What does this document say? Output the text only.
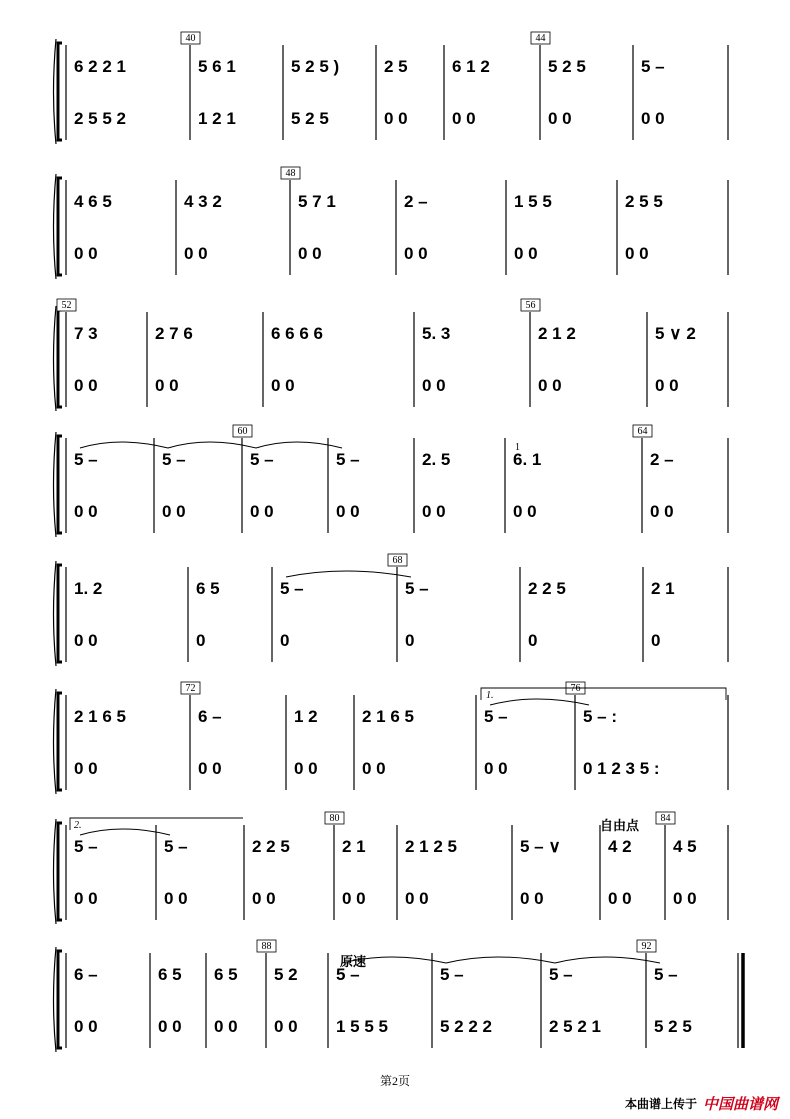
6 2 2 1
2 5 5 2
40
5 6 1
1 2 1
5 2 5 )
5 2 5
2 5
0 0
6 1 2
0 0
44
5 2 5
0 0
5 –
0 0
4 6 5
0 0
4 3 2
0 0
48
5 7 1
0 0
2 –
0 0
1 5 5
0 0
2 5 5
0 0
52
7 3
0 0
2 7 6
0 0
6 6 6 6
0 0
5. 3
0 0
56
2 1 2
0 0
5 ∨ 2
0 0
5 –
0 0
5 –
0 0
60
5 –
0 0
5 –
0 0
2. 5
0 0
6. 1
0 0
64
2 –
0 0
1. 2
0 0
6 5
0
5 –
0
68
5 –
0
2 2 5
0
2 1
0
2 1 6 5
0 0
72
6 –
0 0
1 2
0 0
2 1 6 5
0 0
5 –
0 0
76
5 – :
0 1 2 3 5 :
5 –
0 0
5 –
0 0
2 2 5
0 0
80
2 1
0 0
2 1 2 5
0 0
5 – ∨
0 0
4 2
0 0
84
4 5
0 0
6 –
0 0
6 5
0 0
6 5
0 0
88
5 2
0 0
5 –
1 5 5 5
5 –
5 2 2 2
5 –
2 5 2 1
92
5 –
5 2 5
自由点
原速
1.
2.
1
第2页
本曲谱上传于 中国曲谱网
